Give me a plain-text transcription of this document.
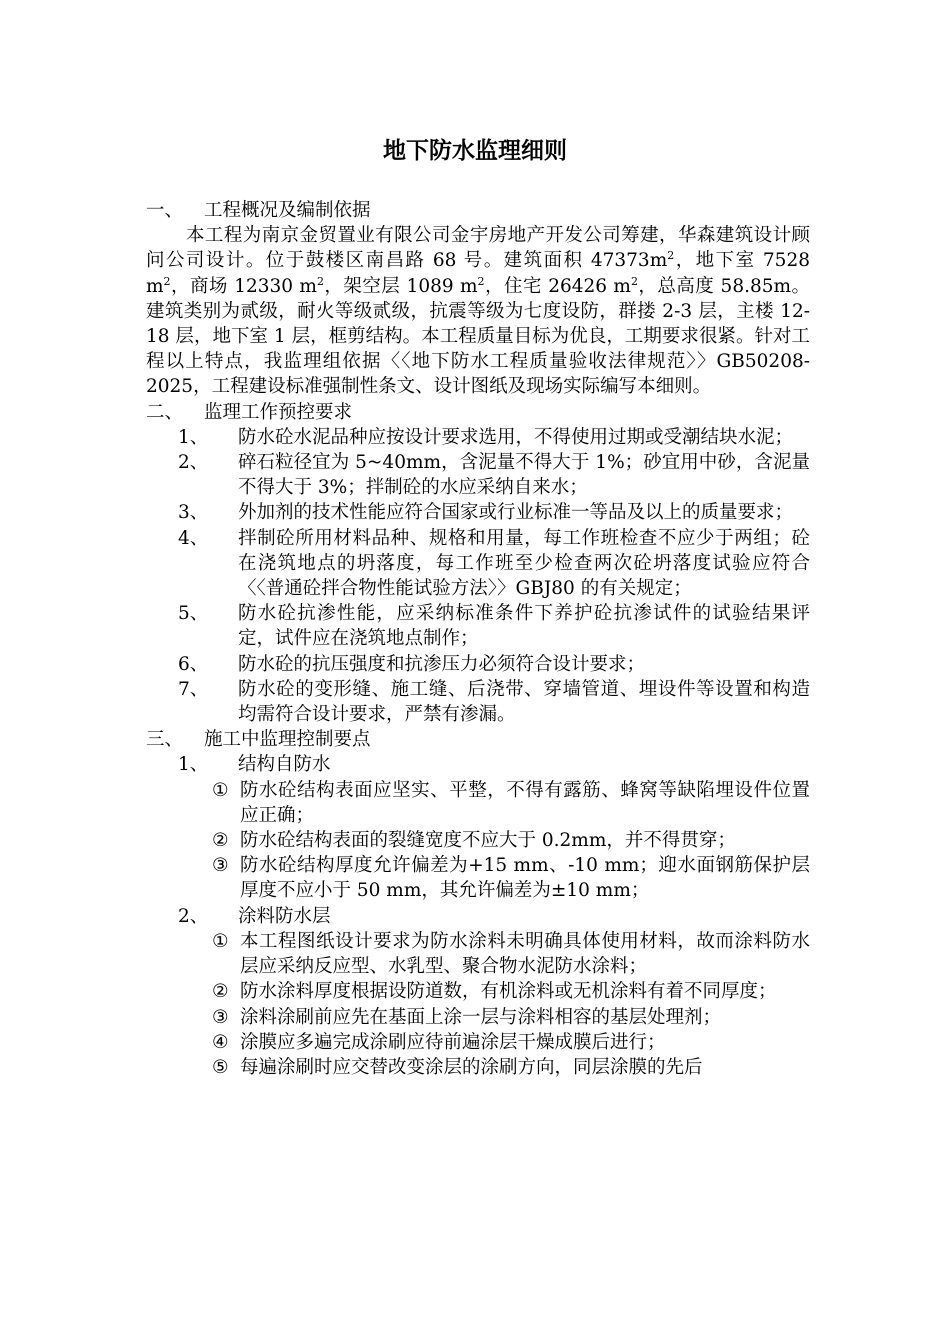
地下防水监理细则
一、 工程概况及编制依据

本工程为南京金贸置业有限公司金宇房地产开发公司筹建，华森建筑设计顾问公司设计。位于鼓楼区南昌路 68 号。建筑面积 $47373m^2$，地下室 7528 $m^2$，商场 12330 $m^2$，架空层 1089 $m^2$，住宅 26426 $m^2$，总高度 58.85m。建筑类别为贰级，耐火等级贰级，抗震等级为七度设防，群搂 2-3 层，主楼 12-18 层，地下室 1 层，框剪结构。本工程质量目标为优良，工期要求很紧。针对工程以上特点，我监理组依据〈〈地下防水工程质量验收法律规范〉〉GB50208-2025，工程建设标准强制性条文、设计图纸及现场实际编写本细则。

二、 监理工作预控要求
1、 防水砼水泥品种应按设计要求选用，不得使用过期或受潮结块水泥；
2、 碎石粒径宜为 5~40mm，含泥量不得大于 1%；砂宜用中砂，含泥量不得大于 3%；拌制砼的水应采纳自来水；
3、 外加剂的技术性能应符合国家或行业标准一等品及以上的质量要求；
4、 拌制砼所用材料品种、规格和用量，每工作班检查不应少于两组；砼在浇筑地点的坍落度，每工作班至少检查两次砼坍落度试验应符合〈〈普通砼拌合物性能试验方法〉〉GBJ80 的有关规定；
5、 防水砼抗渗性能，应采纳标准条件下养护砼抗渗试件的试验结果评定，试件应在浇筑地点制作；
6、 防水砼的抗压强度和抗渗压力必须符合设计要求；
7、 防水砼的变形缝、施工缝、后浇带、穿墙管道、埋设件等设置和构造均需符合设计要求，严禁有渗漏。
三、 施工中监理控制要点
1、 结构自防水
① 防水砼结构表面应坚实、平整，不得有露筋、蜂窝等缺陷埋设件位置应正确；
② 防水砼结构表面的裂缝宽度不应大于 0.2mm，并不得贯穿；
③ 防水砼结构厚度允许偏差为+15 mm、-10 mm；迎水面钢筋保护层厚度不应小于 50 mm，其允许偏差为±10 mm；
2、 涂料防水层
① 本工程图纸设计要求为防水涂料未明确具体使用材料，故而涂料防水层应采纳反应型、水乳型、聚合物水泥防水涂料；
② 防水涂料厚度根据设防道数，有机涂料或无机涂料有着不同厚度；
③ 涂料涂刷前应先在基面上涂一层与涂料相容的基层处理剂；
④ 涂膜应多遍完成涂刷应待前遍涂层干燥成膜后进行；
⑤ 每遍涂刷时应交替改变涂层的涂刷方向，同层涂膜的先后
